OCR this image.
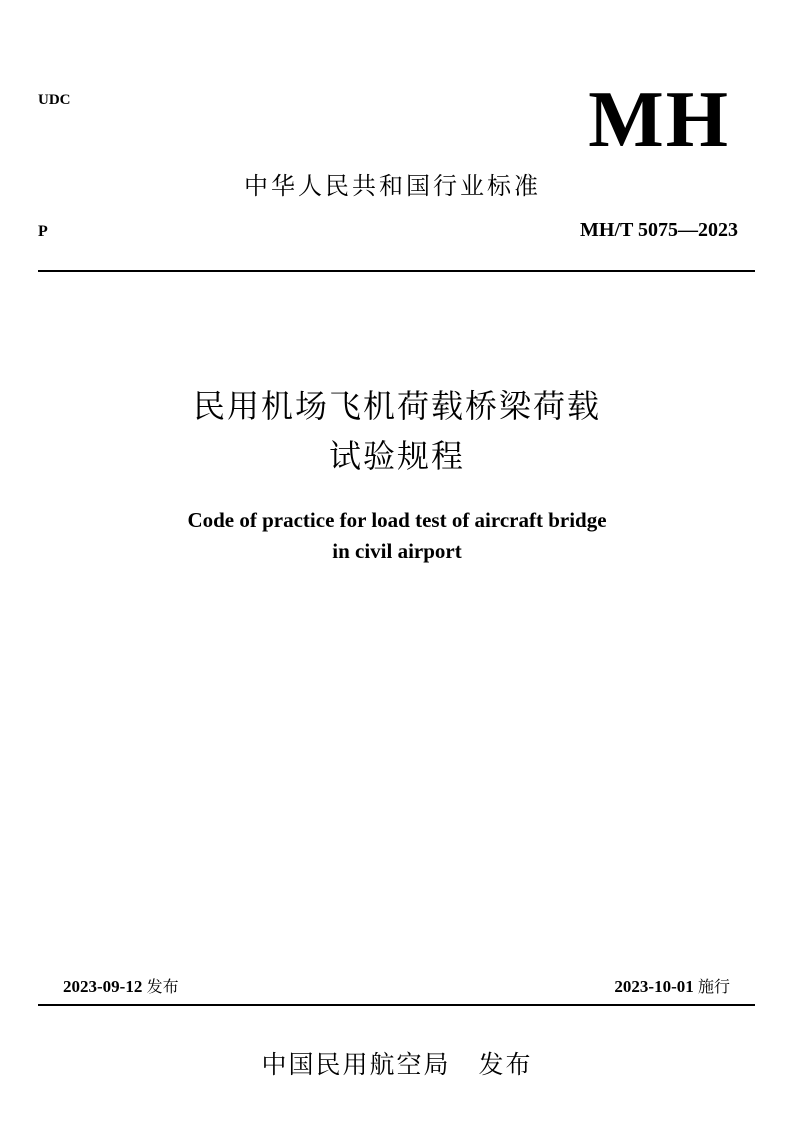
UDC	MH
中华人民共和国行业标准
P	MH/T 5075—2023
民用机场飞机荷载桥梁荷载
试验规程
Code of practice for load test of aircraft bridge
in civil airport
2023-09-12 发布	2023-10-01 施行
中国民用航空局 发布
